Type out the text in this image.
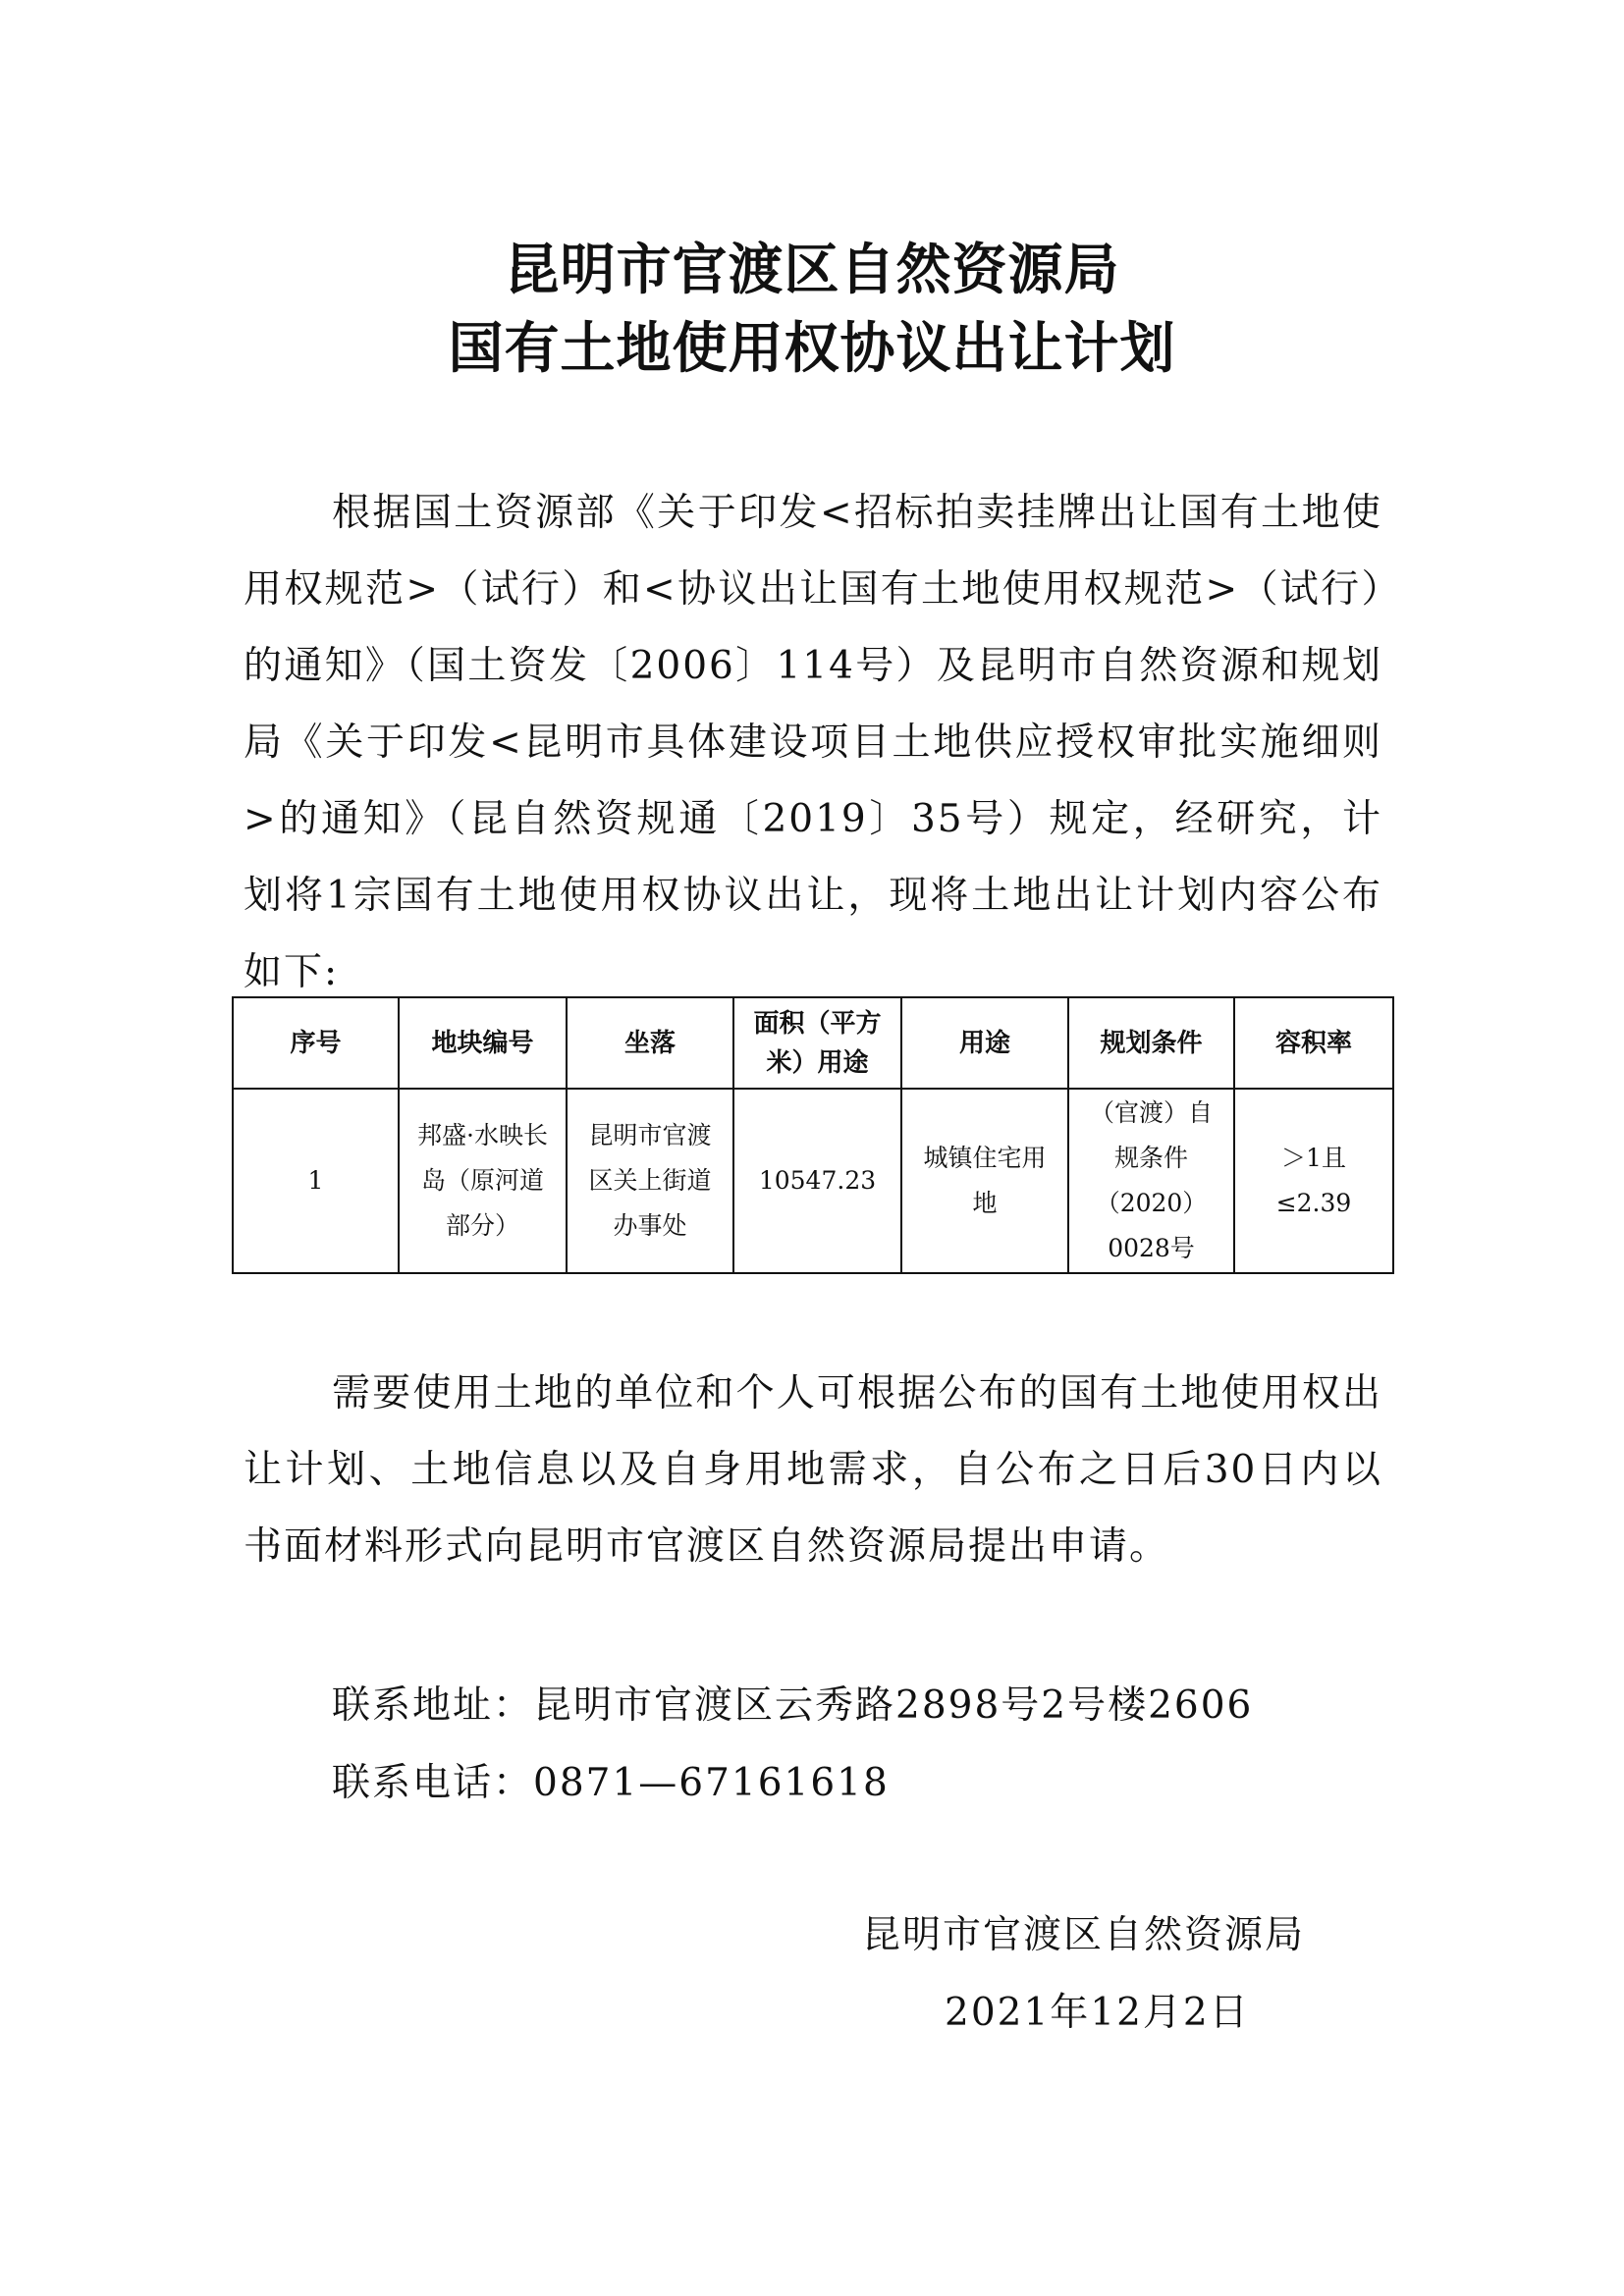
昆明市官渡区自然资源局
国有土地使用权协议出让计划

根据国土资源部《关于印发<招标拍卖挂牌出让国有土地使用权规范>（试行）和<协议出让国有土地使用权规范>（试行）的通知》（国土资发〔2006〕114号）及昆明市自然资源和规划局《关于印发<昆明市具体建设项目土地供应授权审批实施细则>的通知》（昆自然资规通〔2019〕35号）规定，经研究，计划将1宗国有土地使用权协议出让，现将土地出让计划内容公布如下:

序号	地块编号	坐落	面积（平方米）用途	用途	规划条件	容积率
1	邦盛·水映长岛（原河道部分）	昆明市官渡区关上街道办事处	10547.23	城镇住宅用地	（官渡）自规条件（2020）0028号	＞1且≤2.39

需要使用土地的单位和个人可根据公布的国有土地使用权出让计划、土地信息以及自身用地需求，自公布之日后30日内以书面材料形式向昆明市官渡区自然资源局提出申请。

联系地址：昆明市官渡区云秀路2898号2号楼2606

联系电话：0871—67161618

昆明市官渡区自然资源局

2021年12月2日
